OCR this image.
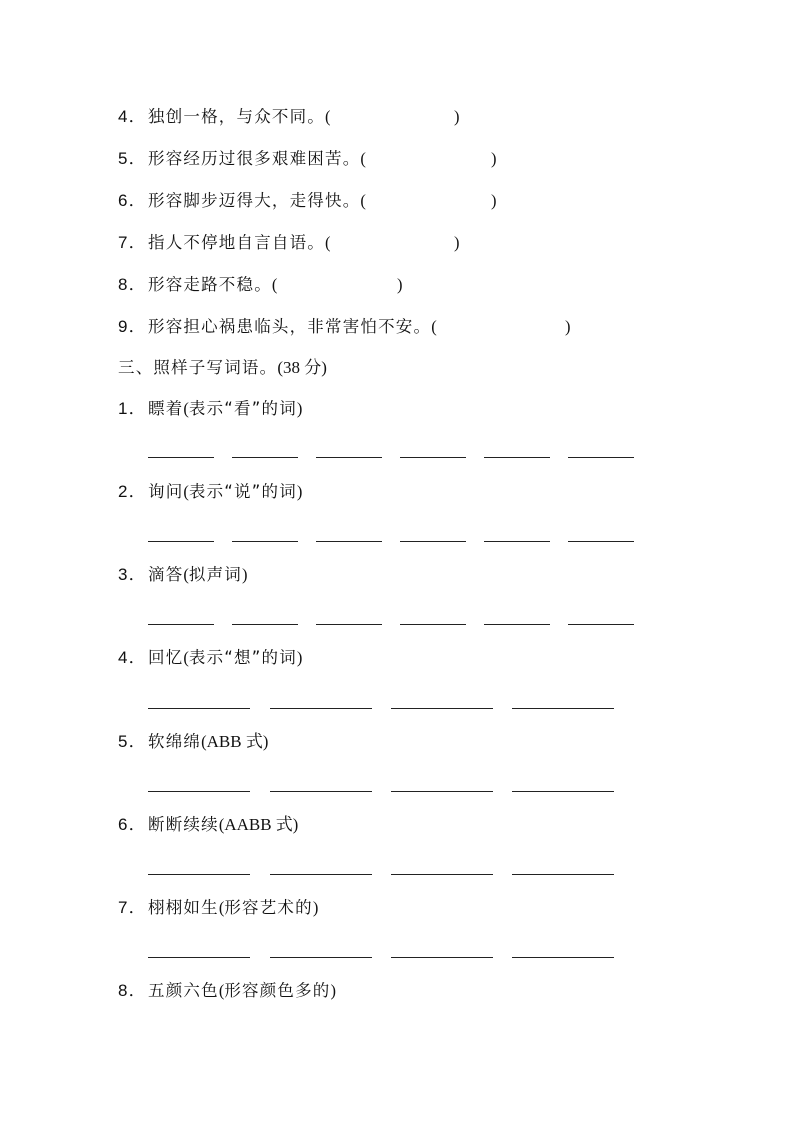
4．独创一格，与众不同。(	)
5．形容经历过很多艰难困苦。(	)
6．形容脚步迈得大，走得快。(	)
7．指人不停地自言自语。(	)
8．形容走路不稳。(	)
9．形容担心祸患临头，非常害怕不安。(	)
三、照样子写词语。(38 分)
1．瞟着(表示“看”的词)
2．询问(表示“说”的词)
3．滴答(拟声词)
4．回忆(表示“想”的词)
5．软绵绵(ABB 式)
6．断断续续(AABB 式)
7．栩栩如生(形容艺术的)
8．五颜六色(形容颜色多的)
